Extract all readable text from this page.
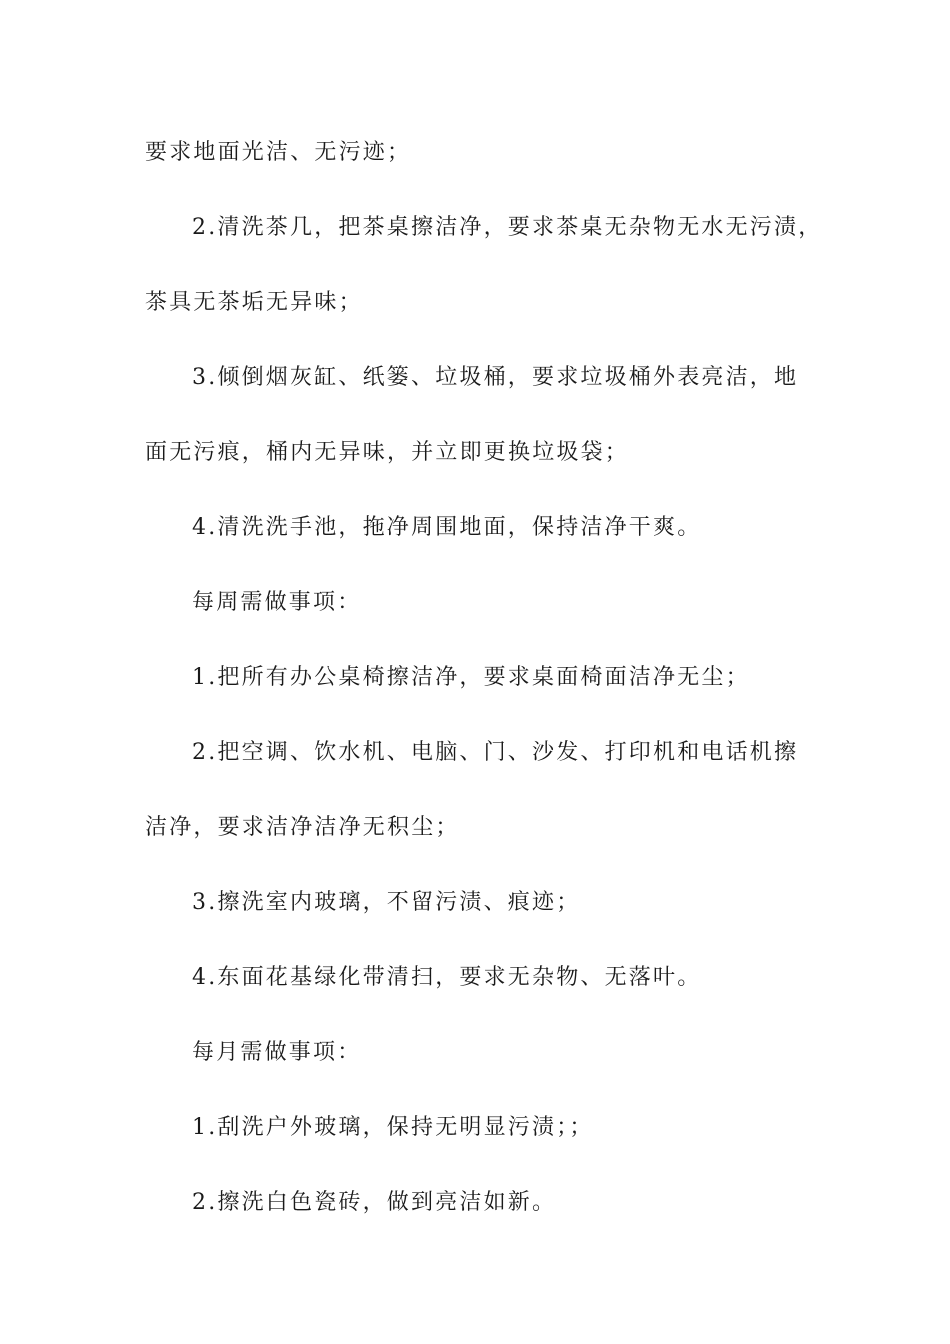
要求地面光洁、无污迹；
2.清洗茶几，把茶桌擦洁净，要求茶桌无杂物无水无污渍，
茶具无茶垢无异味；
3.倾倒烟灰缸、纸篓、垃圾桶，要求垃圾桶外表亮洁，地
面无污痕，桶内无异味，并立即更换垃圾袋；
4.清洗洗手池，拖净周围地面，保持洁净干爽。
每周需做事项：
1.把所有办公桌椅擦洁净，要求桌面椅面洁净无尘；
2.把空调、饮水机、电脑、门、沙发、打印机和电话机擦
洁净，要求洁净洁净无积尘；
3.擦洗室内玻璃，不留污渍、痕迹；
4.东面花基绿化带清扫，要求无杂物、无落叶。
每月需做事项：
1.刮洗户外玻璃，保持无明显污渍；；
2.擦洗白色瓷砖，做到亮洁如新。
